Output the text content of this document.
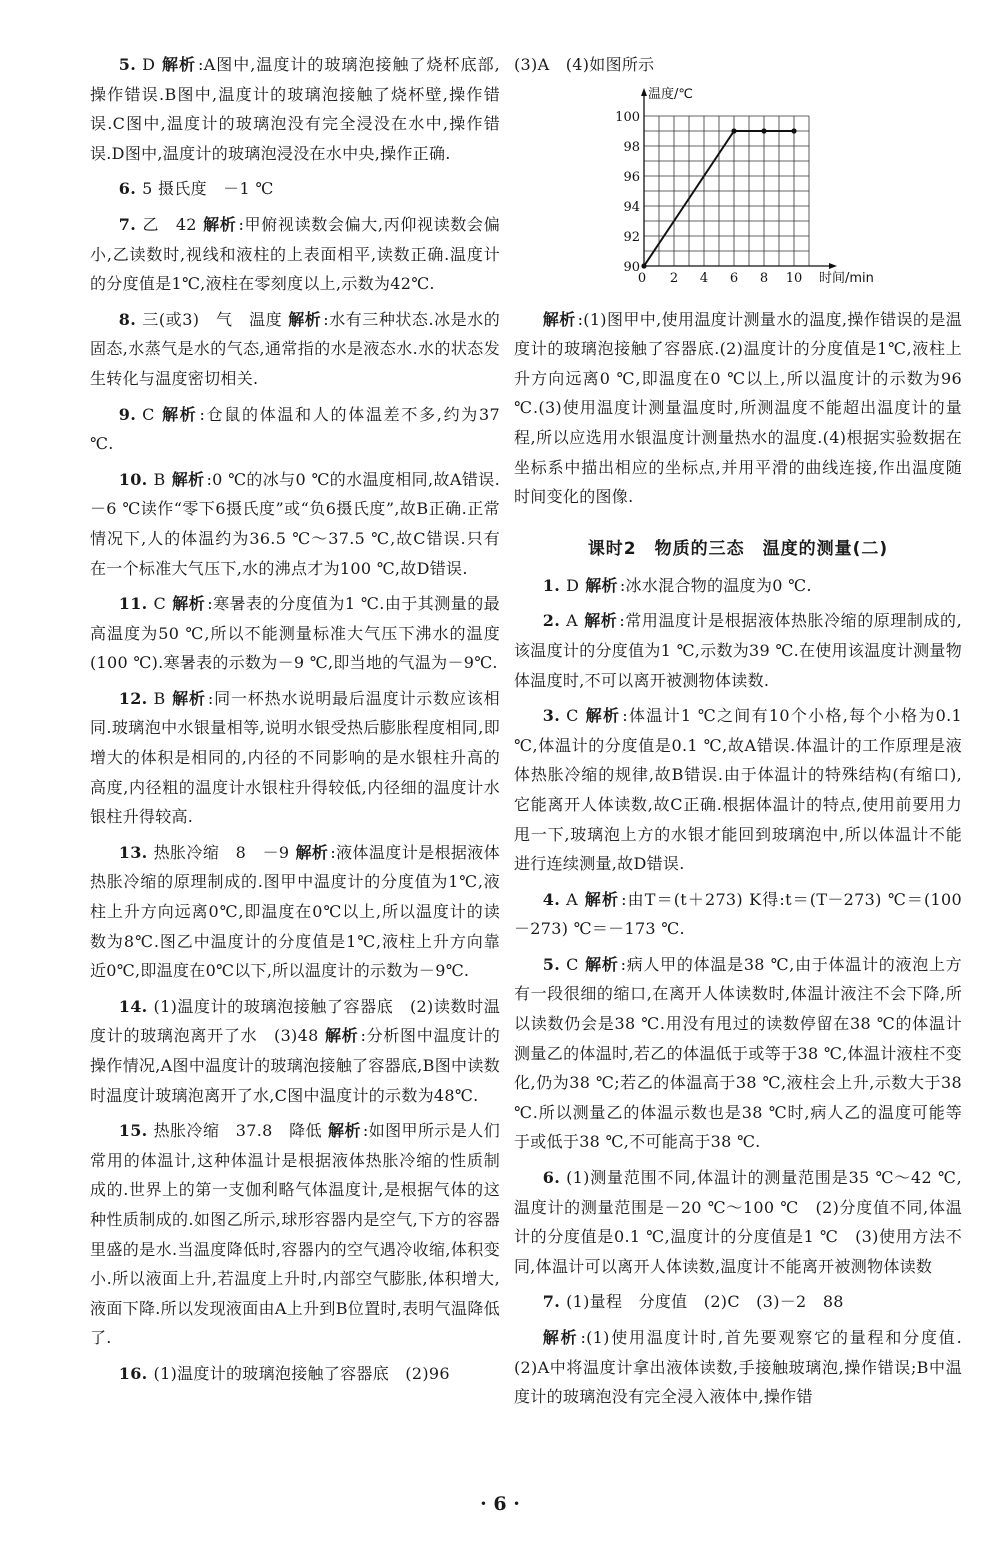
5. D 解析 :A图中,温度计的玻璃泡接触了烧杯底部,操作错误.B图中,温度计的玻璃泡接触了烧杯壁,操作错误.C图中,温度计的玻璃泡没有完全浸没在水中,操作错误.D图中,温度计的玻璃泡浸没在水中央,操作正确.

6. 5 摄氏度　－1 ℃

7. 乙　42 解析 :甲俯视读数会偏大,丙仰视读数会偏小,乙读数时,视线和液柱的上表面相平,读数正确.温度计的分度值是1℃,液柱在零刻度以上,示数为42℃.

8. 三(或3)　气　温度 解析 :水有三种状态.冰是水的固态,水蒸气是水的气态,通常指的水是液态水.水的状态发生转化与温度密切相关.

9. C 解析 :仓鼠的体温和人的体温差不多,约为37 ℃.

10. B 解析 :0 ℃的冰与0 ℃的水温度相同,故A错误.－6 ℃读作“零下6摄氏度”或“负6摄氏度”,故B正确.正常情况下,人的体温约为36.5 ℃～37.5 ℃,故C错误.只有在一个标准大气压下,水的沸点才为100 ℃,故D错误.

11. C 解析 :寒暑表的分度值为1 ℃.由于其测量的最高温度为50 ℃,所以不能测量标准大气压下沸水的温度(100 ℃).寒暑表的示数为－9 ℃,即当地的气温为－9℃.

12. B 解析 :同一杯热水说明最后温度计示数应该相同.玻璃泡中水银量相等,说明水银受热后膨胀程度相同,即增大的体积是相同的,内径的不同影响的是水银柱升高的高度,内径粗的温度计水银柱升得较低,内径细的温度计水银柱升得较高.

13. 热胀冷缩　8　－9 解析 :液体温度计是根据液体热胀冷缩的原理制成的.图甲中温度计的分度值为1℃,液柱上升方向远离0℃,即温度在0℃以上,所以温度计的读数为8℃.图乙中温度计的分度值是1℃,液柱上升方向靠近0℃,即温度在0℃以下,所以温度计的示数为－9℃.

14. (1)温度计的玻璃泡接触了容器底　(2)读数时温度计的玻璃泡离开了水　(3)48 解析 :分析图中温度计的操作情况,A图中温度计的玻璃泡接触了容器底,B图中读数时温度计玻璃泡离开了水,C图中温度计的示数为48℃.

15. 热胀冷缩　37.8　降低 解析 :如图甲所示是人们常用的体温计,这种体温计是根据液体热胀冷缩的性质制成的.世界上的第一支伽利略气体温度计,是根据气体的这种性质制成的.如图乙所示,球形容器内是空气,下方的容器里盛的是水.当温度降低时,容器内的空气遇冷收缩,体积变小.所以液面上升,若温度上升时,内部空气膨胀,体积增大,液面下降.所以发现液面由A上升到B位置时,表明气温降低了.

16. (1)温度计的玻璃泡接触了容器底　(2)96

(3)A　(4)如图所示

90
92
94
96
98
100
0 2 4 6 8 10
温度/℃
时间/min

解析 :(1)图甲中,使用温度计测量水的温度,操作错误的是温度计的玻璃泡接触了容器底.(2)温度计的分度值是1℃,液柱上升方向远离0 ℃,即温度在0 ℃以上,所以温度计的示数为96 ℃.(3)使用温度计测量温度时,所测温度不能超出温度计的量程,所以应选用水银温度计测量热水的温度.(4)根据实验数据在坐标系中描出相应的坐标点,并用平滑的曲线连接,作出温度随时间变化的图像.

课时2　物质的三态　温度的测量(二)

1. D 解析 :冰水混合物的温度为0 ℃.

2. A 解析 :常用温度计是根据液体热胀冷缩的原理制成的,该温度计的分度值为1 ℃,示数为39 ℃.在使用该温度计测量物体温度时,不可以离开被测物体读数.

3. C 解析 :体温计1 ℃之间有10个小格,每个小格为0.1 ℃,体温计的分度值是0.1 ℃,故A错误.体温计的工作原理是液体热胀冷缩的规律,故B错误.由于体温计的特殊结构(有缩口),它能离开人体读数,故C正确.根据体温计的特点,使用前要用力甩一下,玻璃泡上方的水银才能回到玻璃泡中,所以体温计不能进行连续测量,故D错误.

4. A 解析 :由T＝(t＋273) K得:t＝(T－273) ℃＝(100－273) ℃＝－173 ℃.

5. C 解析 :病人甲的体温是38 ℃,由于体温计的液泡上方有一段很细的缩口,在离开人体读数时,体温计液注不会下降,所以读数仍会是38 ℃.用没有甩过的读数停留在38 ℃的体温计测量乙的体温时,若乙的体温低于或等于38 ℃,体温计液柱不变化,仍为38 ℃;若乙的体温高于38 ℃,液柱会上升,示数大于38 ℃.所以测量乙的体温示数也是38 ℃时,病人乙的温度可能等于或低于38 ℃,不可能高于38 ℃.

6. (1)测量范围不同,体温计的测量范围是35 ℃～42 ℃,温度计的测量范围是－20 ℃～100 ℃　(2)分度值不同,体温计的分度值是0.1 ℃,温度计的分度值是1 ℃　(3)使用方法不同,体温计可以离开人体读数,温度计不能离开被测物体读数

7. (1)量程　分度值　(2)C　(3)－2　88

解析 :(1)使用温度计时,首先要观察它的量程和分度值.(2)A中将温度计拿出液体读数,手接触玻璃泡,操作错误;B中温度计的玻璃泡没有完全浸入液体中,操作错

· 6 ·
